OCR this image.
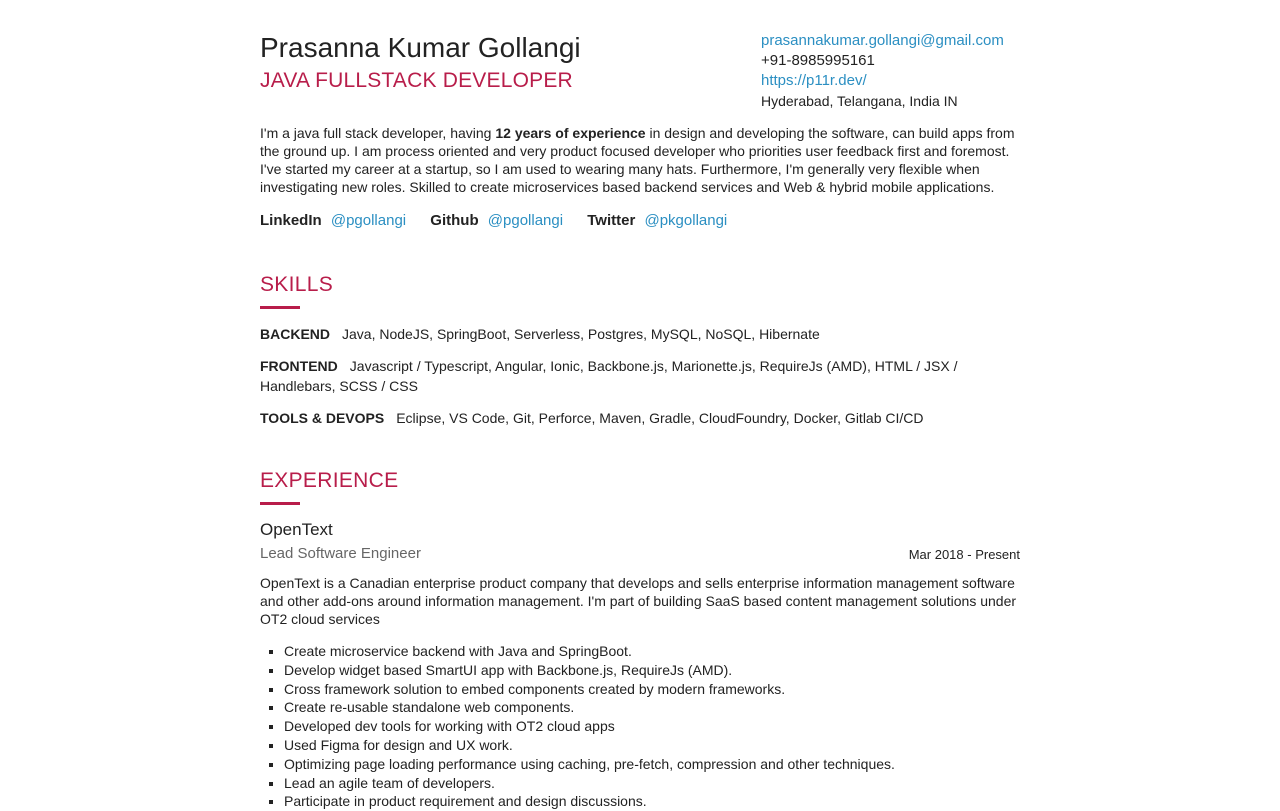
Prasanna Kumar Gollangi
JAVA FULLSTACK DEVELOPER
prasannakumar.gollangi@gmail.com
+91-8985995161
https://p11r.dev/
Hyderabad, Telangana, India IN

I'm a java full stack developer, having 12 years of experience in design and developing the software, can build apps from the ground up. I am process oriented and very product focused developer who priorities user feedback first and foremost. I've started my career at a startup, so I am used to wearing many hats. Furthermore, I'm generally very flexible when investigating new roles. Skilled to create microservices based backend services and Web & hybrid mobile applications.

LinkedIn @pgollangi Github @pgollangi Twitter @pkgollangi
SKILLS

BACKEND Java, NodeJS, SpringBoot, Serverless, Postgres, MySQL, NoSQL, Hibernate

FRONTEND Javascript / Typescript, Angular, Ionic, Backbone.js, Marionette.js, RequireJs (AMD), HTML / JSX / Handlebars, SCSS / CSS

TOOLS & DEVOPS Eclipse, VS Code, Git, Perforce, Maven, Gradle, CloudFoundry, Docker, Gitlab CI/CD

EXPERIENCE
OpenText
Lead Software Engineer	Mar 2018 - Present

OpenText is a Canadian enterprise product company that develops and sells enterprise information management software and other add-ons around information management. I'm part of building SaaS based content management solutions under OT2 cloud services

▪ Create microservice backend with Java and SpringBoot.
▪ Develop widget based SmartUI app with Backbone.js, RequireJs (AMD).
▪ Cross framework solution to embed components created by modern frameworks.
▪ Create re-usable standalone web components.
▪ Developed dev tools for working with OT2 cloud apps
▪ Used Figma for design and UX work.
▪ Optimizing page loading performance using caching, pre-fetch, compression and other techniques.
▪ Lead an agile team of developers.
▪ Participate in product requirement and design discussions.
